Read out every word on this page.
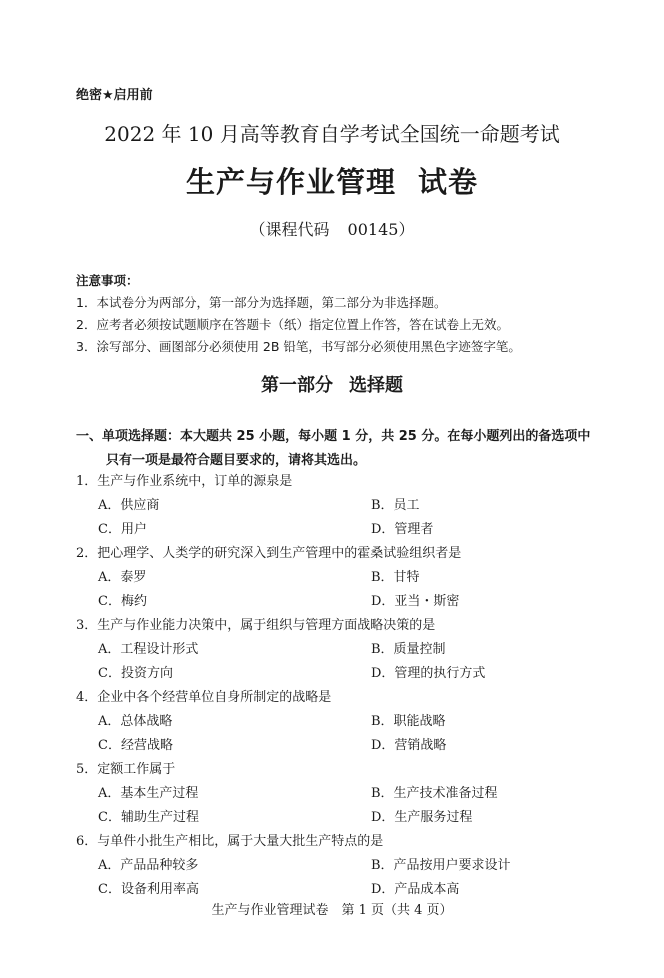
绝密★启用前
2022 年 10 月高等教育自学考试全国统一命题考试
生产与作业管理 试卷
（课程代码 00145）
注意事项：
1．本试卷分为两部分，第一部分为选择题，第二部分为非选择题。
2．应考者必须按试题顺序在答题卡（纸）指定位置上作答，答在试卷上无效。
3．涂写部分、画图部分必须使用 2B 铅笔，书写部分必须使用黑色字迹签字笔。
第一部分 选择题
一、单项选择题：本大题共 25 小题，每小题 1 分，共 25 分。在每小题列出的备选项中
只有一项是最符合题目要求的，请将其选出。
1．生产与作业系统中，订单的源泉是
A．供应商	B．员工
C．用户	D．管理者
2．把心理学、人类学的研究深入到生产管理中的霍桑试验组织者是
A．泰罗	B．甘特
C．梅约	D．亚当・斯密
3．生产与作业能力决策中，属于组织与管理方面战略决策的是
A．工程设计形式	B．质量控制
C．投资方向	D．管理的执行方式
4．企业中各个经营单位自身所制定的战略是
A．总体战略	B．职能战略
C．经营战略	D．营销战略
5．定额工作属于
A．基本生产过程	B．生产技术准备过程
C．辅助生产过程	D．生产服务过程
6．与单件小批生产相比，属于大量大批生产特点的是
A．产品品种较多	B．产品按用户要求设计
C．设备利用率高	D．产品成本高
生产与作业管理试卷　第 1 页（共 4 页）
